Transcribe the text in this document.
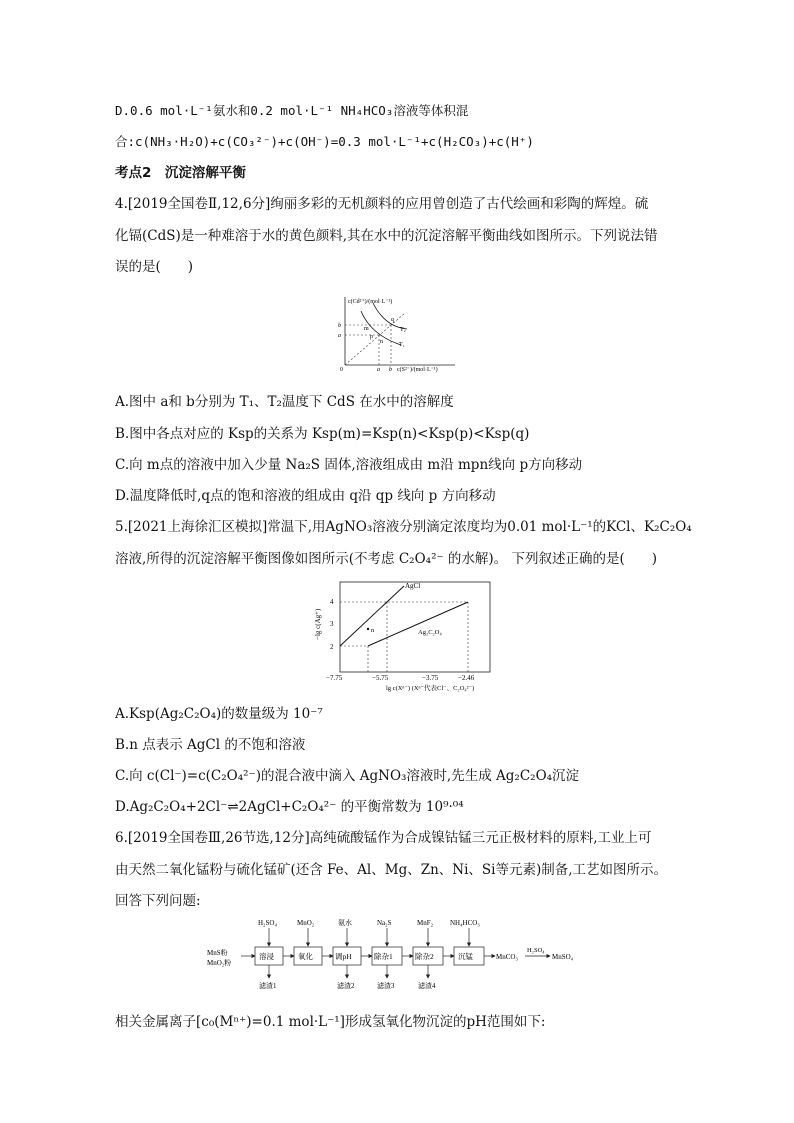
D.0.6 mol·L⁻¹氨水和0.2 mol·L⁻¹ NH₄HCO₃溶液等体积混
合:c(NH₃·H₂O)+c(CO₃²⁻)+c(OH⁻)=0.3 mol·L⁻¹+c(H₂CO₃)+c(H⁺)
考点2　沉淀溶解平衡
4.[2019全国卷Ⅱ,12,6分]绚丽多彩的无机颜料的应用曾创造了古代绘画和彩陶的辉煌。硫
化镉(CdS)是一种难溶于水的黄色颜料,其在水中的沉淀溶解平衡曲线如图所示。下列说法错
误的是(　　)
c(Cd²⁺)/(mol·L⁻¹)
c(S²⁻)/(mol·L⁻¹)
b
a
m
p
n
q
T₂
T₁
a b
0
A.图中 a和 b分别为 T₁、T₂温度下 CdS 在水中的溶解度
B.图中各点对应的 Ksp的关系为 Ksp(m)=Ksp(n)<Ksp(p)<Ksp(q)
C.向 m点的溶液中加入少量 Na₂S 固体,溶液组成由 m沿 mpn线向 p方向移动
D.温度降低时,q点的饱和溶液的组成由 q沿 qp 线向 p 方向移动
5.[2021上海徐汇区模拟]常温下,用AgNO₃溶液分别滴定浓度均为0.01 mol·L⁻¹的KCl、K₂C₂O₄
溶液,所得的沉淀溶解平衡图像如图所示(不考虑 C₂O₄²⁻ 的水解)。 下列叙述正确的是(　　)
−lg c(Ag⁺)
4
3
2
AgCl
Ag₂C₂O₄
n
−7.75	−5.75	−3.75	−2.46
lg c(Xⁿ⁻) (Xⁿ⁻代表Cl⁻、C₂O₄²⁻)
A.Ksp(Ag₂C₂O₄)的数量级为 10⁻⁷
B.n 点表示 AgCl 的不饱和溶液
C.向 c(Cl⁻)=c(C₂O₄²⁻)的混合液中滴入 AgNO₃溶液时,先生成 Ag₂C₂O₄沉淀
D.Ag₂C₂O₄+2Cl⁻⇌2AgCl+C₂O₄²⁻ 的平衡常数为 10⁹·⁰⁴
6.[2019全国卷Ⅲ,26节选,12分]高纯硫酸锰作为合成镍钴锰三元正极材料的原料,工业上可
由天然二氧化锰粉与硫化锰矿(还含 Fe、Al、Mg、Zn、Ni、Si等元素)制备,工艺如图所示。
回答下列问题:
MnS粉
MnO₂粉
溶浸	氧化	调pH	除杂1	除杂2	沉锰	MnCO₃
H₂SO₄
MnSO₄
H₂SO₄	MnO₂	氨水	Na₂S	MnF₂ NH₄HCO₃
滤渣1	滤渣2	滤渣3	滤渣4
相关金属离子[c₀(Mⁿ⁺)=0.1 mol·L⁻¹]形成氢氧化物沉淀的pH范围如下:
